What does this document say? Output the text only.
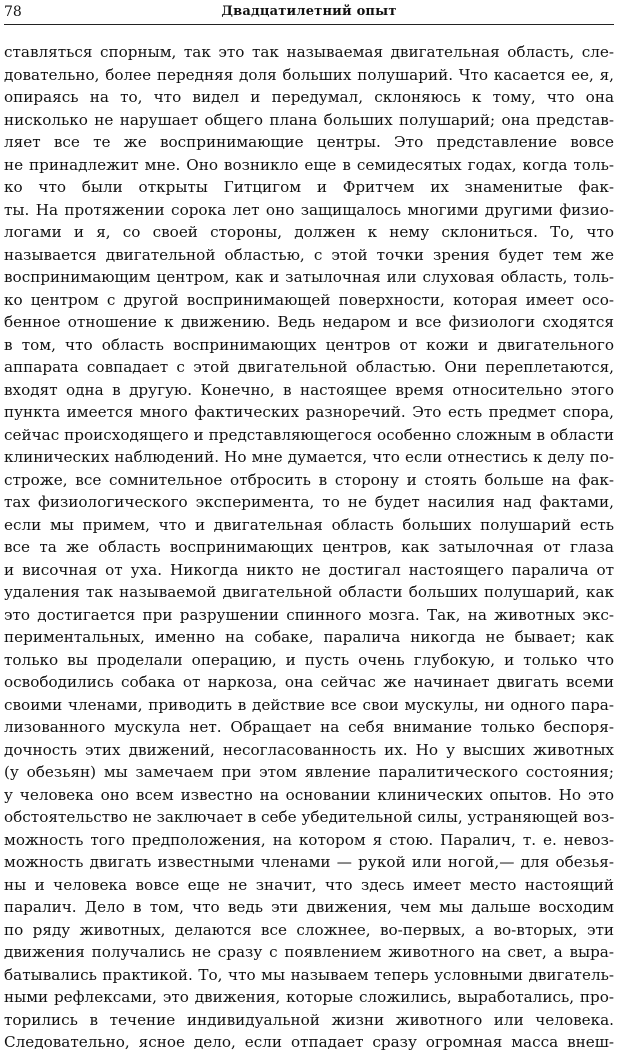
78	Двадцатилетний опыт
ставляться спорным, так это так называемая двигательная область, сле-
довательно, более передняя доля больших полушарий. Что касается ее, я,
опираясь на то, что видел и передумал, склоняюсь к тому, что она
нисколько не нарушает общего плана больших полушарий; она представ-
ляет все те же воспринимающие центры. Это представление вовсе
не принадлежит мне. Оно возникло еще в семидесятых годах, когда толь-
ко что были открыты Гитцигом и Фритчем их знаменитые фак-
ты. На протяжении сорока лет оно защищалось многими другими физио-
логами и я, со своей стороны, должен к нему склониться. То, что
называется двигательной областью, с этой точки зрения будет тем же
воспринимающим центром, как и затылочная или слуховая область, толь-
ко центром с другой воспринимающей поверхности, которая имеет осо-
бенное отношение к движению. Ведь недаром и все физиологи сходятся
в том, что область воспринимающих центров от кожи и двигательного
аппарата совпадает с этой двигательной областью. Они переплетаются,
входят одна в другую. Конечно, в настоящее время относительно этого
пункта имеется много фактических разноречий. Это есть предмет спора,
сейчас происходящего и представляющегося особенно сложным в области
клинических наблюдений. Но мне думается, что если отнестись к делу по-
строже, все сомнительное отбросить в сторону и стоять больше на фак-
тах физиологического эксперимента, то не будет насилия над фактами,
если мы примем, что и двигательная область больших полушарий есть
все та же область воспринимающих центров, как затылочная от глаза
и височная от уха. Никогда никто не достигал настоящего паралича от
удаления так называемой двигательной области больших полушарий, как
это достигается при разрушении спинного мозга. Так, на животных экс-
периментальных, именно на собаке, паралича никогда не бывает; как
только вы проделали операцию, и пусть очень глубокую, и только что
освободились собака от наркоза, она сейчас же начинает двигать всеми
своими членами, приводить в действие все свои мускулы, ни одного пара-
лизованного мускула нет. Обращает на себя внимание только беспоря-
дочность этих движений, несогласованность их. Но у высших животных
(у обезьян) мы замечаем при этом явление паралитического состояния;
у человека оно всем известно на основании клинических опытов. Но это
обстоятельство не заключает в себе убедительной силы, устраняющей воз-
можность того предположения, на котором я стою. Паралич, т. е. невоз-
можность двигать известными членами — рукой или ногой,— для обезья-
ны и человека вовсе еще не значит, что здесь имеет место настоящий
паралич. Дело в том, что ведь эти движения, чем мы дальше восходим
по ряду животных, делаются все сложнее, во-первых, а во-вторых, эти
движения получались не сразу с появлением животного на свет, а выра-
батывались практикой. То, что мы называем теперь условными двигатель-
ными рефлексами, это движения, которые сложились, выработались, про-
торились в течение индивидуальной жизни животного или человека.
Следовательно, ясное дело, если отпадает сразу огромная масса внеш-
